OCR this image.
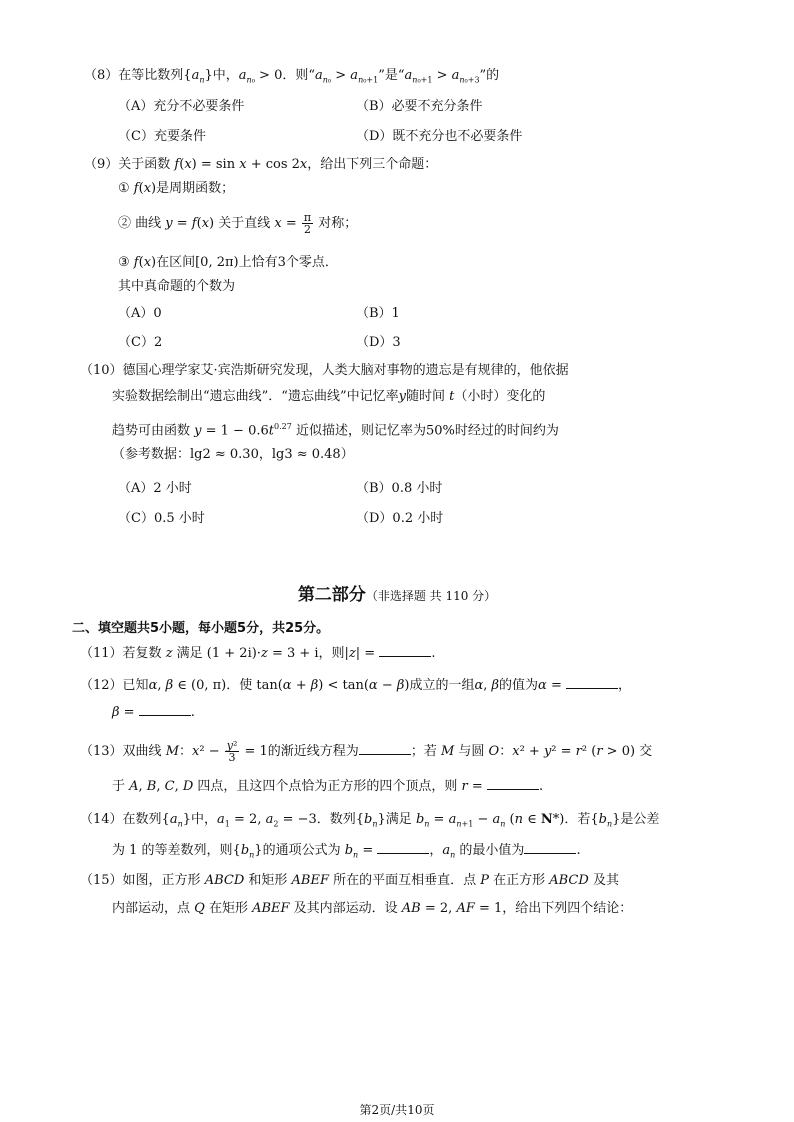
（8）在等比数列$\{a_n\}$中，$a_{n_0} > 0$．则“$a_{n_0} > a_{n_0+1}$”是“$a_{n_0+1} > a_{n_0+3}$”的
（A）充分不必要条件	（B）必要不充分条件
（C）充要条件	（D）既不充分也不必要条件
（9）关于函数 f(x) = sin x + cos 2x，给出下列三个命题：
① f(x)是周期函数；
② 曲线 y = f(x) 关于直线 $x = \frac{\pi}{2}$ 对称；
③ f(x)在区间[0, 2π)上恰有3个零点．
其中真命题的个数为
（A）0	（B）1
（C）2	（D）3
（10）德国心理学家艾·宾浩斯研究发现，人类大脑对事物的遗忘是有规律的，他依据
实验数据绘制出“遗忘曲线”．“遗忘曲线”中记忆率y随时间 t（小时）变化的
趋势可由函数 $y = 1 - 0.6t^{0.27}$ 近似描述，则记忆率为50%时经过的时间约为
（参考数据：lg2 ≈ 0.30，lg3 ≈ 0.48）
（A）2 小时	（B）0.8 小时
（C）0.5 小时	（D）0.2 小时
第二部分（非选择题 共 110 分）
二、填空题共5小题，每小题5分，共25分。
（11）若复数 z 满足 (1 + 2i)·z = 3 + i，则|z| =	.
（12）已知α, β ∈ (0, π)．使 tan(α + β) < tan(α − β)成立的一组α, β的值为α =	，
β =	.
（13）双曲线 M：$x^2 - \frac{\text{y²}}{3} = 1$的渐近线方程为	；若 M 与圆 O：x² + y² = r² (r > 0) 交
于 A, B, C, D 四点，且这四个点恰为正方形的四个顶点，则 r =	.
（14）在数列$\{a_n\}$中，$a_1 = 2$, $a_2 = -3$．数列$\{b_n\}$满足 $b_n = a_{n+1} - a_n$ (n ∈ N*)．若$\{b_n\}$是公差
为 1 的等差数列，则$\{b_n\}$的通项公式为 $b_n$ =	，$a_n$ 的最小值为	.
（15）如图，正方形 ABCD 和矩形 ABEF 所在的平面互相垂直．点 P 在正方形 ABCD 及其
内部运动，点 Q 在矩形 ABEF 及其内部运动．设 AB = 2, AF = 1，给出下列四个结论：
第2页/共10页
